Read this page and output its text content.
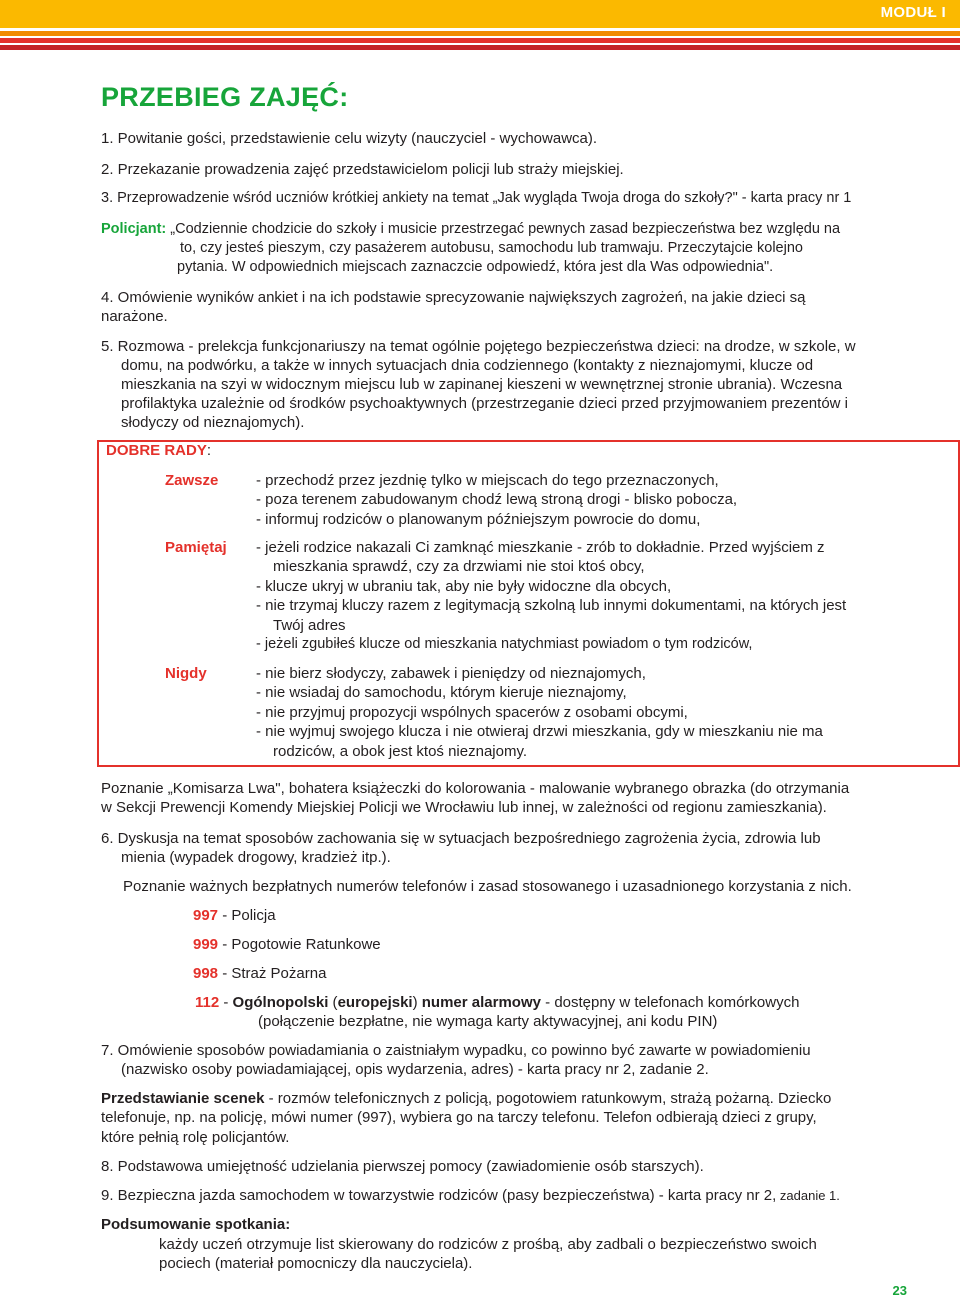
MODUŁ I
PRZEBIEG ZAJĘĆ:
1. Powitanie gości, przedstawienie celu wizyty (nauczyciel - wychowawca).
2. Przekazanie prowadzenia zajęć przedstawicielom policji lub straży miejskiej.
3. Przeprowadzenie wśród uczniów krótkiej ankiety na temat „Jak wygląda Twoja droga do szkoły?" - karta pracy nr 1
Policjant: „Codziennie chodzicie do szkoły i musicie przestrzegać pewnych zasad bezpieczeństwa bez względu na
to, czy jesteś pieszym, czy pasażerem autobusu, samochodu lub tramwaju. Przeczytajcie kolejno
pytania. W odpowiednich miejscach zaznaczcie odpowiedź, która jest dla Was odpowiednia".
4. Omówienie wyników ankiet i na ich podstawie sprecyzowanie największych zagrożeń, na jakie dzieci są
narażone.
5. Rozmowa - prelekcja funkcjonariuszy na temat ogólnie pojętego bezpieczeństwa dzieci: na drodze, w szkole, w
domu, na podwórku, a także w innych sytuacjach dnia codziennego (kontakty z nieznajomymi, klucze od
mieszkania na szyi w widocznym miejscu lub w zapinanej kieszeni w wewnętrznej stronie ubrania). Wczesna
profilaktyka uzależnie od środków psychoaktywnych (przestrzeganie dzieci przed przyjmowaniem prezentów i
słodyczy od nieznajomych).
DOBRE RADY:
Zawsze	- przechodź przez jezdnię tylko w miejscach do tego przeznaczonych,
- poza terenem zabudowanym chodź lewą stroną drogi - blisko pobocza,
- informuj rodziców o planowanym późniejszym powrocie do domu,
Pamiętaj - jeżeli rodzice nakazali Ci zamknąć mieszkanie - zrób to dokładnie. Przed wyjściem z
mieszkania sprawdź, czy za drzwiami nie stoi ktoś obcy,
- klucze ukryj w ubraniu tak, aby nie były widoczne dla obcych,
- nie trzymaj kluczy razem z legitymacją szkolną lub innymi dokumentami, na których jest
Twój adres
- jeżeli zgubiłeś klucze od mieszkania natychmiast powiadom o tym rodziców,
Nigdy	- nie bierz słodyczy, zabawek i pieniędzy od nieznajomych,
- nie wsiadaj do samochodu, którym kieruje nieznajomy,
- nie przyjmuj propozycji wspólnych spacerów z osobami obcymi,
- nie wyjmuj swojego klucza i nie otwieraj drzwi mieszkania, gdy w mieszkaniu nie ma
rodziców, a obok jest ktoś nieznajomy.
Poznanie „Komisarza Lwa", bohatera książeczki do kolorowania - malowanie wybranego obrazka (do otrzymania
w Sekcji Prewencji Komendy Miejskiej Policji we Wrocławiu lub innej, w zależności od regionu zamieszkania).
6. Dyskusja na temat sposobów zachowania się w sytuacjach bezpośredniego zagrożenia życia, zdrowia lub
mienia (wypadek drogowy, kradzież itp.).
Poznanie ważnych bezpłatnych numerów telefonów i zasad stosowanego i uzasadnionego korzystania z nich.
997 - Policja
999 - Pogotowie Ratunkowe
998 - Straż Pożarna
112 - Ogólnopolski (europejski) numer alarmowy - dostępny w telefonach komórkowych
(połączenie bezpłatne, nie wymaga karty aktywacyjnej, ani kodu PIN)
7. Omówienie sposobów powiadamiania o zaistniałym wypadku, co powinno być zawarte w powiadomieniu
(nazwisko osoby powiadamiającej, opis wydarzenia, adres) - karta pracy nr 2, zadanie 2.
Przedstawianie scenek - rozmów telefonicznych z policją, pogotowiem ratunkowym, strażą pożarną. Dziecko
telefonuje, np. na policję, mówi numer (997), wybiera go na tarczy telefonu. Telefon odbierają dzieci z grupy,
które pełnią rolę policjantów.
8. Podstawowa umiejętność udzielania pierwszej pomocy (zawiadomienie osób starszych).
9. Bezpieczna jazda samochodem w towarzystwie rodziców (pasy bezpieczeństwa) - karta pracy nr 2, zadanie 1.
Podsumowanie spotkania:
każdy uczeń otrzymuje list skierowany do rodziców z prośbą, aby zadbali o bezpieczeństwo swoich
pociech (materiał pomocniczy dla nauczyciela).
23
